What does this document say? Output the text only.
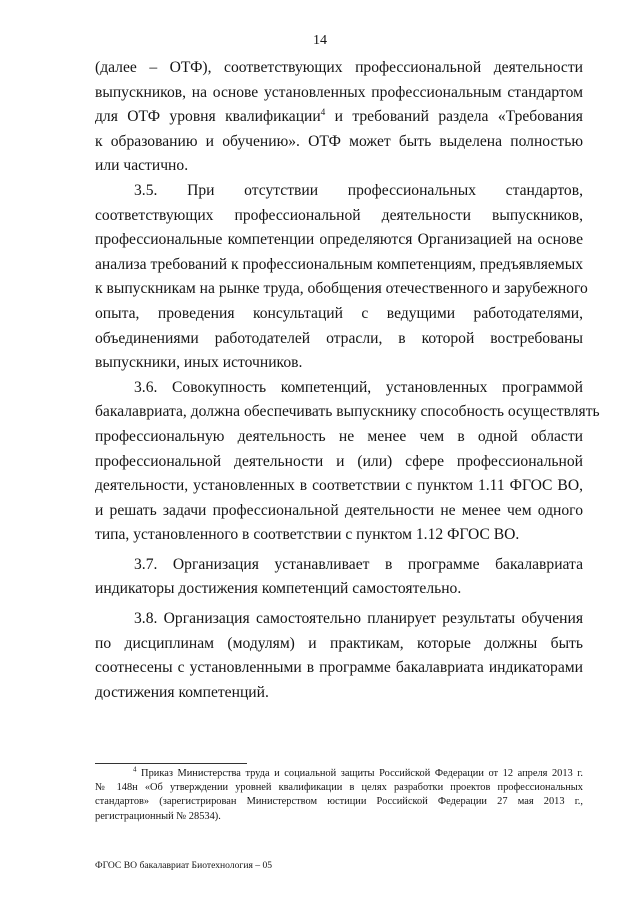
14
(далее – ОТФ), соответствующих профессиональной деятельности
выпускников, на основе установленных профессиональным стандартом
для ОТФ уровня квалификации$^4$ и требований раздела «Требования
к образованию и обучению». ОТФ может быть выделена полностью
или частично.
3.5. При отсутствии профессиональных стандартов,
соответствующих профессиональной деятельности выпускников,
профессиональные компетенции определяются Организацией на основе
анализа требований к профессиональным компетенциям, предъявляемых
к выпускникам на рынке труда, обобщения отечественного и зарубежного
опыта, проведения консультаций с ведущими работодателями,
объединениями работодателей отрасли, в которой востребованы
выпускники, иных источников.
3.6. Совокупность компетенций, установленных программой
бакалавриата, должна обеспечивать выпускнику способность осуществлять
профессиональную деятельность не менее чем в одной области
профессиональной деятельности и (или) сфере профессиональной
деятельности, установленных в соответствии с пунктом 1.11 ФГОС ВО,
и решать задачи профессиональной деятельности не менее чем одного
типа, установленного в соответствии с пунктом 1.12 ФГОС ВО.
3.7. Организация устанавливает в программе бакалавриата
индикаторы достижения компетенций самостоятельно.
3.8. Организация самостоятельно планирует результаты обучения
по дисциплинам (модулям) и практикам, которые должны быть
соотнесены с установленными в программе бакалавриата индикаторами
достижения компетенций.
$^4$ Приказ Министерства труда и социальной защиты Российской Федерации от 12 апреля 2013 г.
№ 148н «Об утверждении уровней квалификации в целях разработки проектов профессиональных
стандартов» (зарегистрирован Министерством юстиции Российской Федерации 27 мая 2013 г.,
регистрационный № 28534).
ФГОС ВО бакалавриат Биотехнология – 05
